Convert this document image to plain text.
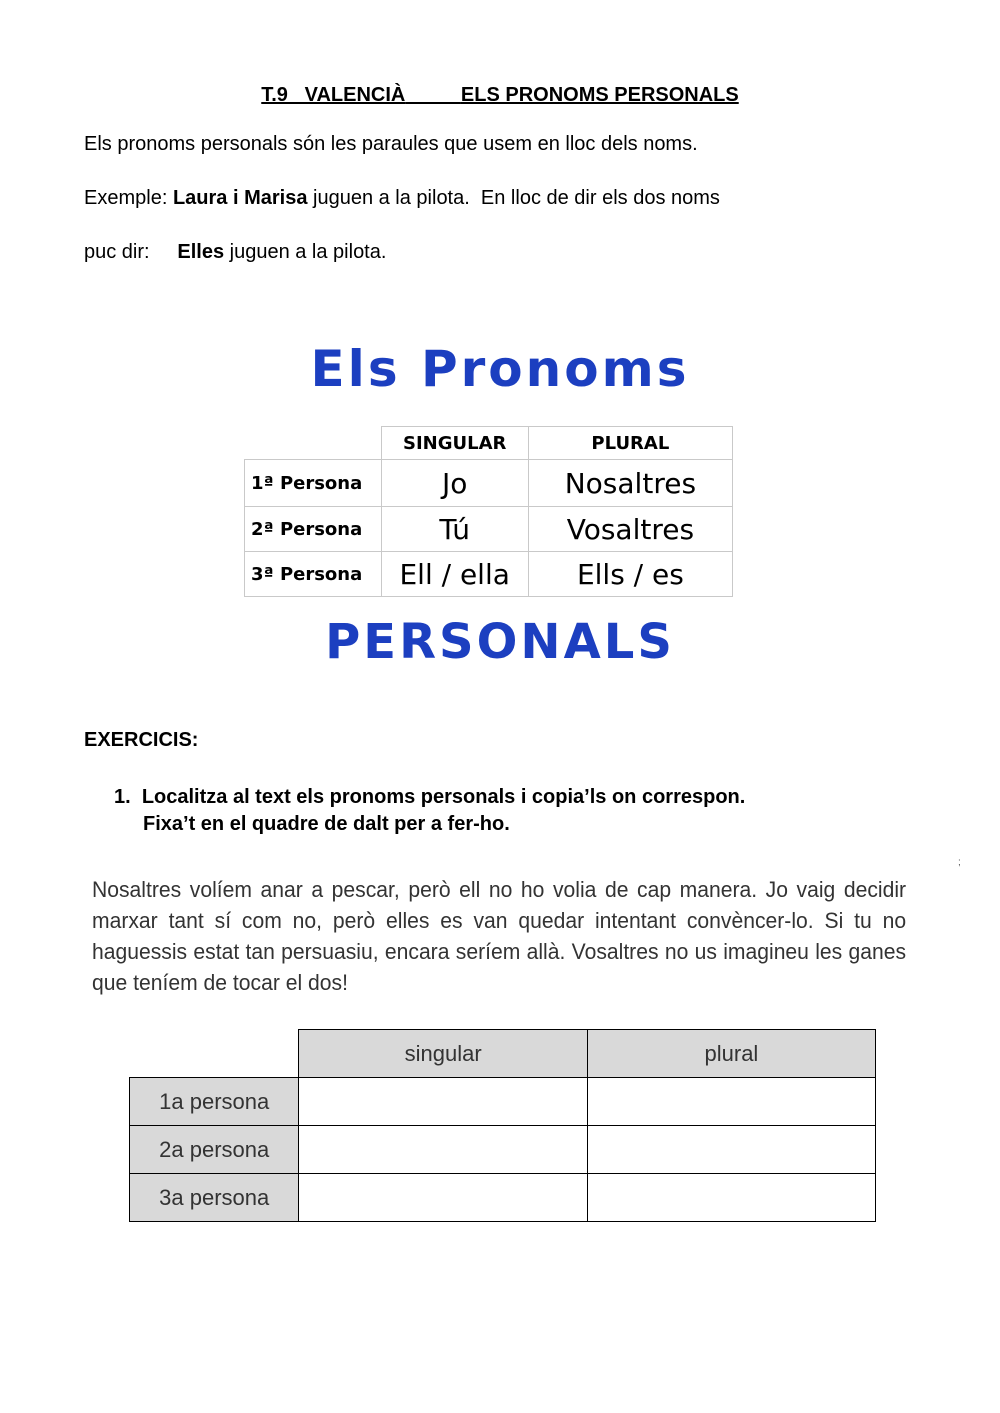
T.9   VALENCIÀ	ELS PRONOMS PERSONALS
Els pronoms personals són les paraules que usem en lloc dels noms.
Exemple: Laura i Marisa juguen a la pilota.  En lloc de dir els dos noms
puc dir:     Elles juguen a la pilota.
Els Pronoms
	SINGULAR	PLURAL
1ª Persona	Jo	Nosaltres
2ª Persona	Tú	Vosaltres
3ª Persona	Ell / ella	Ells / es
PERSONALS
EXERCICIS:
1. Localitza al text els pronoms personals i copia’ls on correspon.
Fixa’t en el quadre de dalt per a fer-ho.
;
Nosaltres volíem anar a pescar, però ell no ho volia de cap manera. Jo vaig decidir marxar tant sí com no, però elles es van quedar intentant convèncer-lo. Si tu no haguessis estat tan persuasiu, encara seríem allà. Vosaltres no us imagineu les ganes que teníem de tocar el dos!
	singular	plural
1a persona		
2a persona		
3a persona		
